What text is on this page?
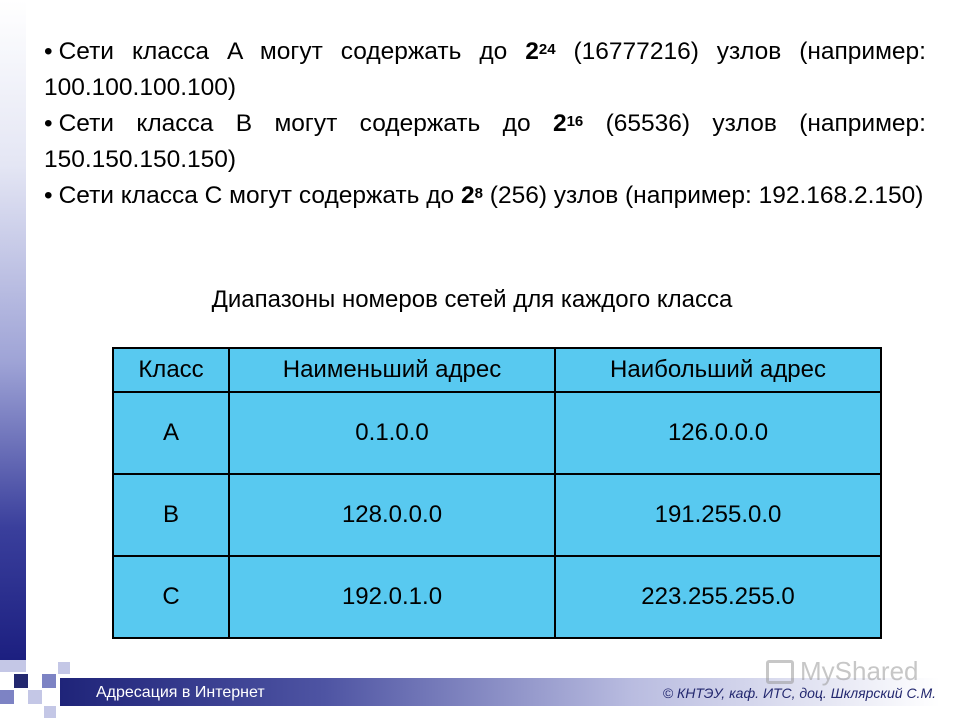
Адресация в Интернет	© КНТЭУ, каф. ИТС, доц. Шклярский С.М.
MyShared

• Сети класса A могут содержать до $2^{24}$ (16777216) узлов (например: 100.100.100.100)

• Сети класса B могут содержать до $2^{16}$ (65536) узлов (например: 150.150.150.150)

• Сети класса C могут содержать до $2^8$ (256) узлов (например: 192.168.2.150)

Диапазоны номеров сетей для каждого класса
Класс	Наименьший адрес	Наибольший адрес
A	0.1.0.0	126.0.0.0
B	128.0.0.0	191.255.0.0
C	192.0.1.0	223.255.255.0
